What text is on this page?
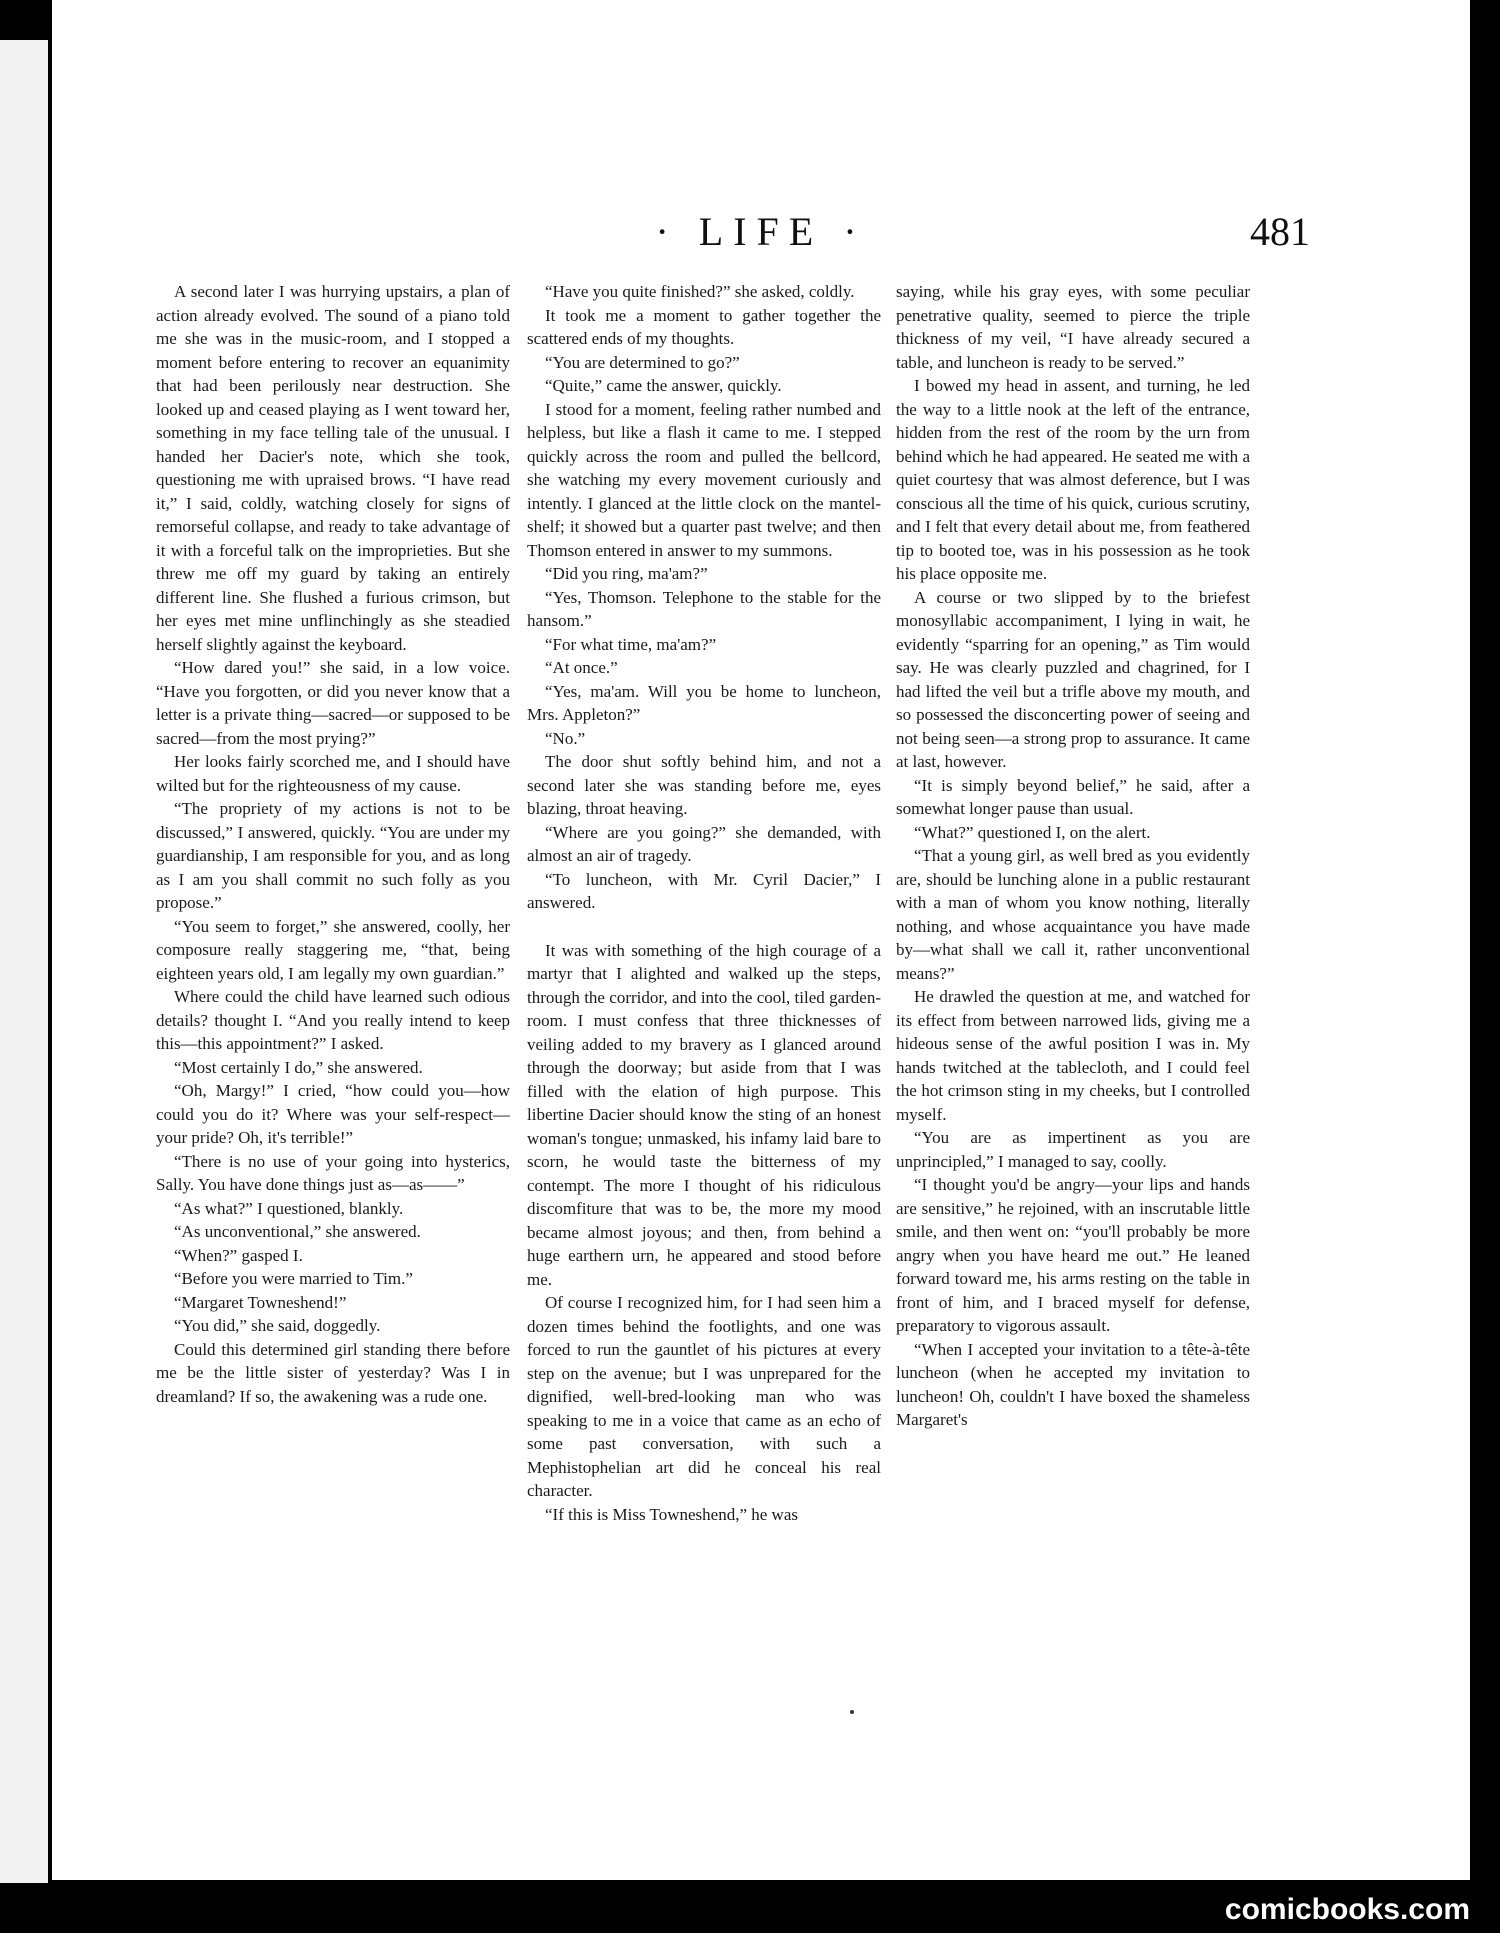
· LIFE ·	481

A second later I was hurrying upstairs, a plan of action already evolved. The sound of a piano told me she was in the music-room, and I stopped a moment before entering to recover an equanimity that had been perilously near destruction. She looked up and ceased playing as I went toward her, something in my face telling tale of the unusual. I handed her Dacier's note, which she took, questioning me with upraised brows. “I have read it,” I said, coldly, watching closely for signs of remorseful collapse, and ready to take advantage of it with a forceful talk on the improprieties. But she threw me off my guard by taking an entirely different line. She flushed a furious crimson, but her eyes met mine unflinchingly as she steadied herself slightly against the keyboard.

“How dared you!” she said, in a low voice. “Have you forgotten, or did you never know that a letter is a private thing—sacred—or supposed to be sacred—from the most prying?”

Her looks fairly scorched me, and I should have wilted but for the righteousness of my cause.

“The propriety of my actions is not to be discussed,” I answered, quickly. “You are under my guardianship, I am responsible for you, and as long as I am you shall commit no such folly as you propose.”

“You seem to forget,” she answered, coolly, her composure really staggering me, “that, being eighteen years old, I am legally my own guardian.”

Where could the child have learned such odious details? thought I. “And you really intend to keep this—this appointment?” I asked.

“Most certainly I do,” she answered.

“Oh, Margy!” I cried, “how could you—how could you do it? Where was your self-respect—your pride? Oh, it's terrible!”

“There is no use of your going into hysterics, Sally. You have done things just as—as——”

“As what?” I questioned, blankly.

“As unconventional,” she answered.

“When?” gasped I.

“Before you were married to Tim.”

“Margaret Towneshend!”

“You did,” she said, doggedly.

Could this determined girl standing there before me be the little sister of yesterday? Was I in dreamland? If so, the awakening was a rude one.

“Have you quite finished?” she asked, coldly.

It took me a moment to gather together the scattered ends of my thoughts.

“You are determined to go?”

“Quite,” came the answer, quickly.

I stood for a moment, feeling rather numbed and helpless, but like a flash it came to me. I stepped quickly across the room and pulled the bellcord, she watching my every movement curiously and intently. I glanced at the little clock on the mantel-shelf; it showed but a quarter past twelve; and then Thomson entered in answer to my summons.

“Did you ring, ma'am?”

“Yes, Thomson. Telephone to the stable for the hansom.”

“For what time, ma'am?”

“At once.”

“Yes, ma'am. Will you be home to luncheon, Mrs. Appleton?”

“No.”

The door shut softly behind him, and not a second later she was standing before me, eyes blazing, throat heaving.

“Where are you going?” she demanded, with almost an air of tragedy.

“To luncheon, with Mr. Cyril Dacier,” I answered.

It was with something of the high courage of a martyr that I alighted and walked up the steps, through the corridor, and into the cool, tiled garden-room. I must confess that three thicknesses of veiling added to my bravery as I glanced around through the doorway; but aside from that I was filled with the elation of high purpose. This libertine Dacier should know the sting of an honest woman's tongue; unmasked, his infamy laid bare to scorn, he would taste the bitterness of my contempt. The more I thought of his ridiculous discomfiture that was to be, the more my mood became almost joyous; and then, from behind a huge earthern urn, he appeared and stood before me.

Of course I recognized him, for I had seen him a dozen times behind the footlights, and one was forced to run the gauntlet of his pictures at every step on the avenue; but I was unprepared for the dignified, well-bred-looking man who was speaking to me in a voice that came as an echo of some past conversation, with such a Mephistophelian art did he conceal his real character.

“If this is Miss Towneshend,” he was

saying, while his gray eyes, with some peculiar penetrative quality, seemed to pierce the triple thickness of my veil, “I have already secured a table, and luncheon is ready to be served.”

I bowed my head in assent, and turning, he led the way to a little nook at the left of the entrance, hidden from the rest of the room by the urn from behind which he had appeared. He seated me with a quiet courtesy that was almost deference, but I was conscious all the time of his quick, curious scrutiny, and I felt that every detail about me, from feathered tip to booted toe, was in his possession as he took his place opposite me.

A course or two slipped by to the briefest monosyllabic accompaniment, I lying in wait, he evidently “sparring for an opening,” as Tim would say. He was clearly puzzled and chagrined, for I had lifted the veil but a trifle above my mouth, and so possessed the disconcerting power of seeing and not being seen—a strong prop to assurance. It came at last, however.

“It is simply beyond belief,” he said, after a somewhat longer pause than usual.

“What?” questioned I, on the alert.

“That a young girl, as well bred as you evidently are, should be lunching alone in a public restaurant with a man of whom you know nothing, literally nothing, and whose acquaintance you have made by—what shall we call it, rather unconventional means?”

He drawled the question at me, and watched for its effect from between narrowed lids, giving me a hideous sense of the awful position I was in. My hands twitched at the tablecloth, and I could feel the hot crimson sting in my cheeks, but I controlled myself.

“You are as impertinent as you are unprincipled,” I managed to say, coolly.

“I thought you'd be angry—your lips and hands are sensitive,” he rejoined, with an inscrutable little smile, and then went on: “you'll probably be more angry when you have heard me out.” He leaned forward toward me, his arms resting on the table in front of him, and I braced myself for defense, preparatory to vigorous assault.

“When I accepted your invitation to a tête-à-tête luncheon (when he accepted my invitation to luncheon! Oh, couldn't I have boxed the shameless Margaret's

comicbooks.com
